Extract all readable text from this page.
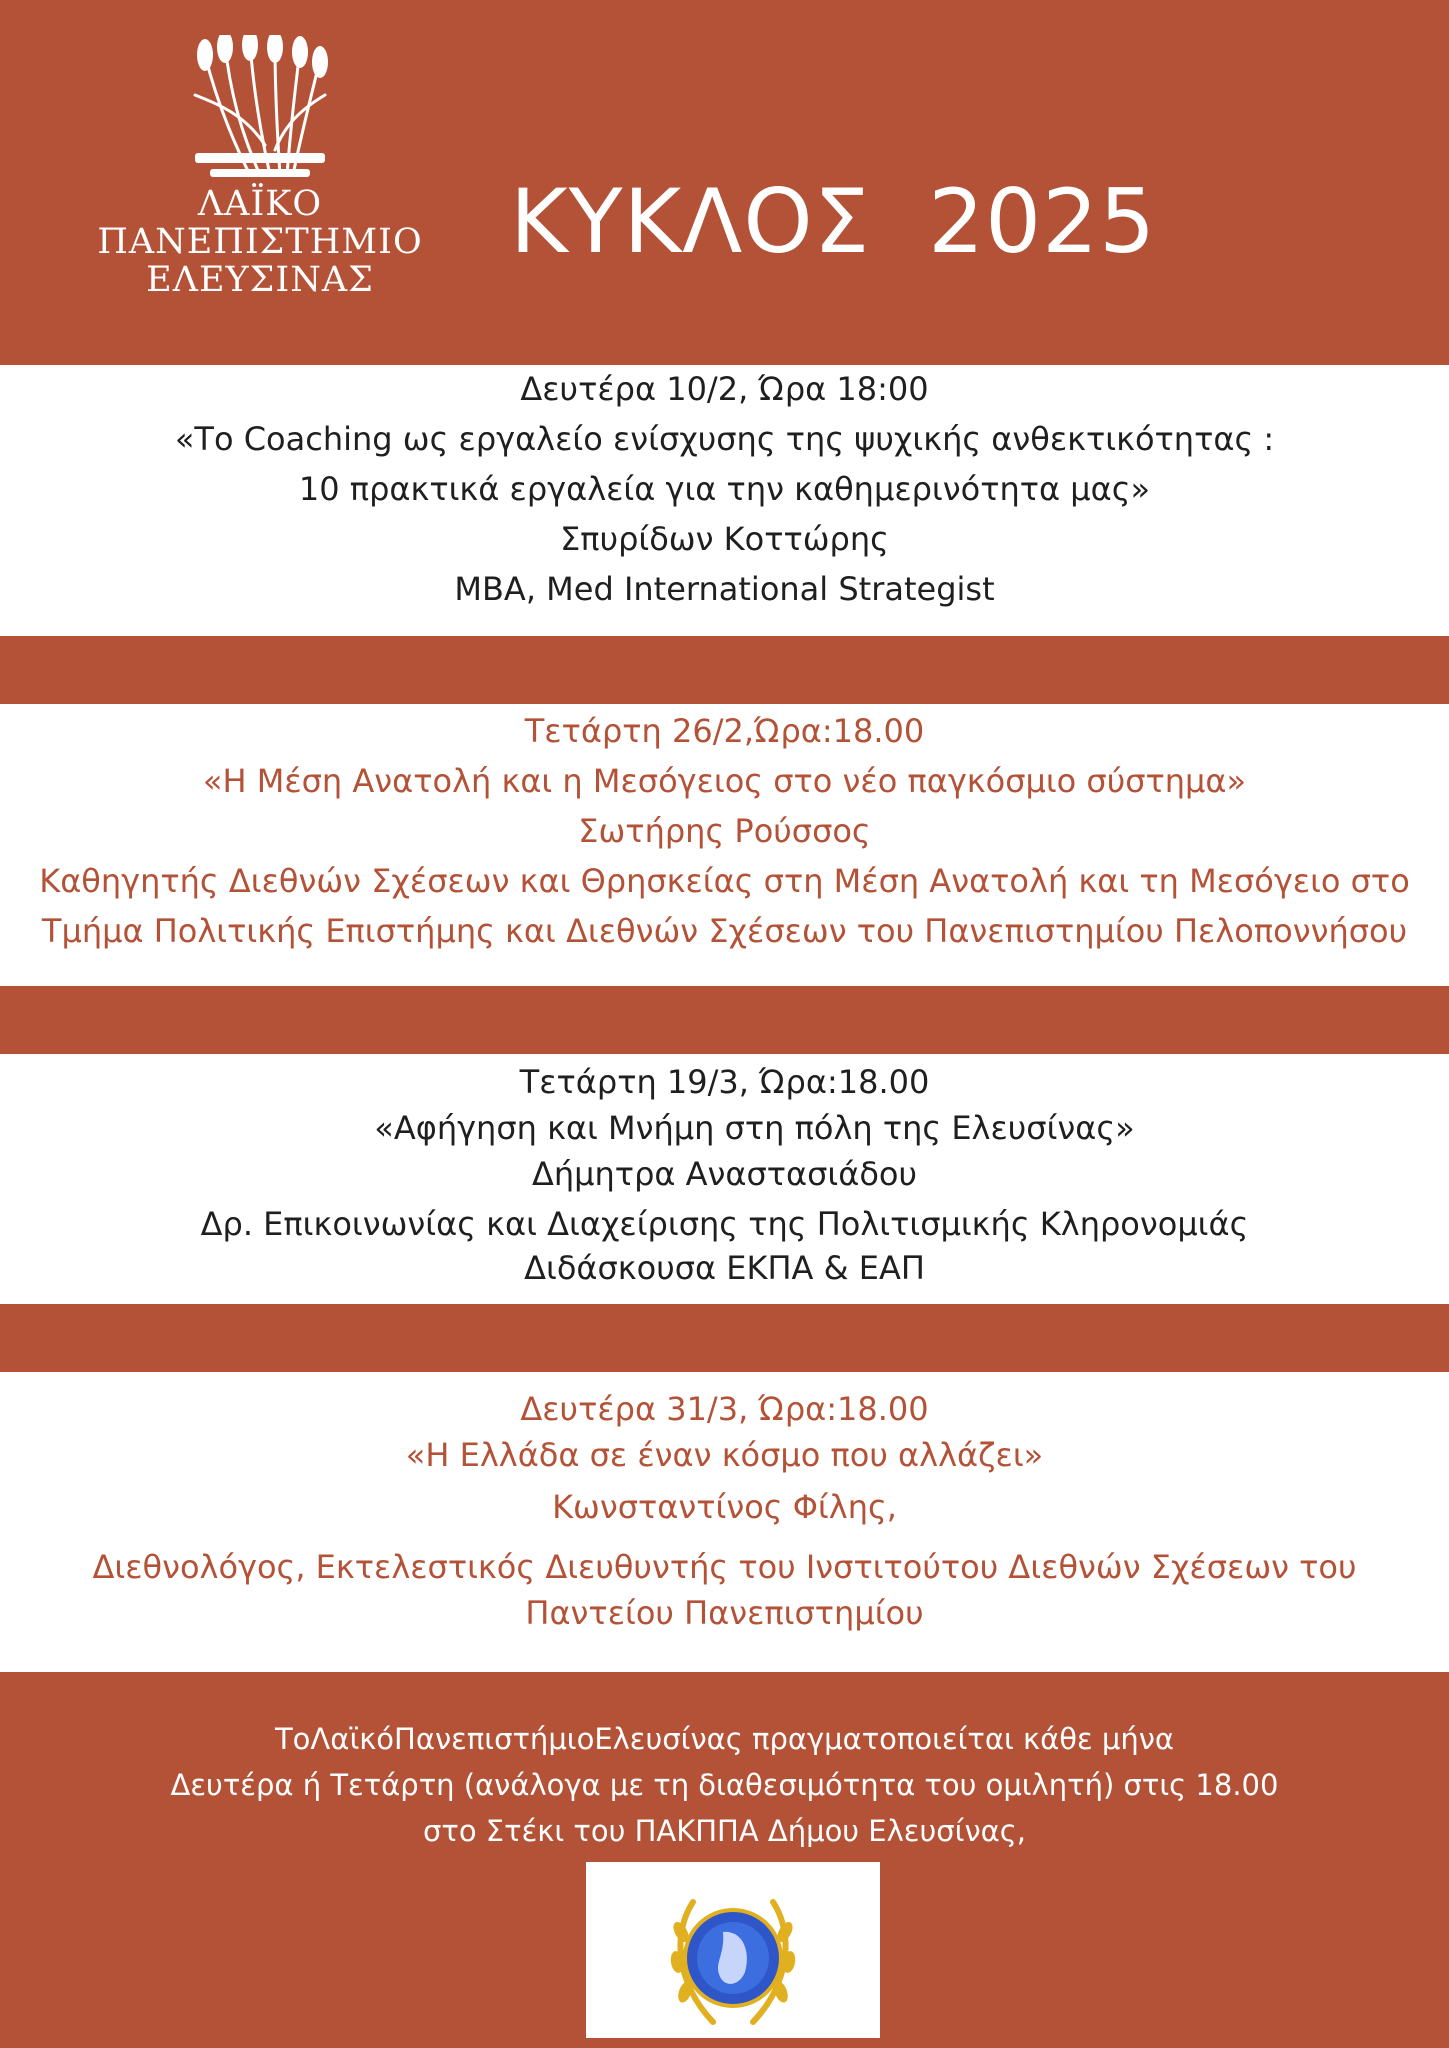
ΛΑΪΚΟ
ΠΑΝΕΠΙΣΤΗΜΙΟ
ΕΛΕΥΣΙΝΑΣ
ΚΥΚΛΟΣ  2025
Δευτέρα 10/2, Ώρα 18:00
«Το Coaching ως εργαλείο ενίσχυσης της ψυχικής ανθεκτικότητας :
10 πρακτικά εργαλεία για την καθημερινότητα μας»
Σπυρίδων Κοττώρης
MBA, Med International Strategist
Τετάρτη 26/2,Ώρα:18.00
«Η Μέση Ανατολή και η Μεσόγειος στο νέο παγκόσμιο σύστημα»
Σωτήρης Ρούσσος
Καθηγητής Διεθνών Σχέσεων και Θρησκείας στη Μέση Ανατολή και τη Μεσόγειο στο
Τμήμα Πολιτικής Επιστήμης και Διεθνών Σχέσεων του Πανεπιστημίου Πελοποννήσου
Τετάρτη 19/3, Ώρα:18.00
«Αφήγηση και Μνήμη στη πόλη της Ελευσίνας»
Δήμητρα Αναστασιάδου
Δρ. Επικοινωνίας και Διαχείρισης της Πολιτισμικής Κληρονομιάς
Διδάσκουσα ΕΚΠΑ & ΕΑΠ
Δευτέρα 31/3, Ώρα:18.00
«Η Ελλάδα σε έναν κόσμο που αλλάζει»
Κωνσταντίνος Φίλης,
Διεθνολόγος, Εκτελεστικός Διευθυντής του Ινστιτούτου Διεθνών Σχέσεων του
Παντείου Πανεπιστημίου
ΤοΛαϊκόΠανεπιστήμιοΕλευσίνας πραγματοποιείται κάθε μήνα
Δευτέρα ή Τετάρτη (ανάλογα με τη διαθεσιμότητα του ομιλητή) στις 18.00
στο Στέκι του ΠΑΚΠΠΑ Δήμου Ελευσίνας,
